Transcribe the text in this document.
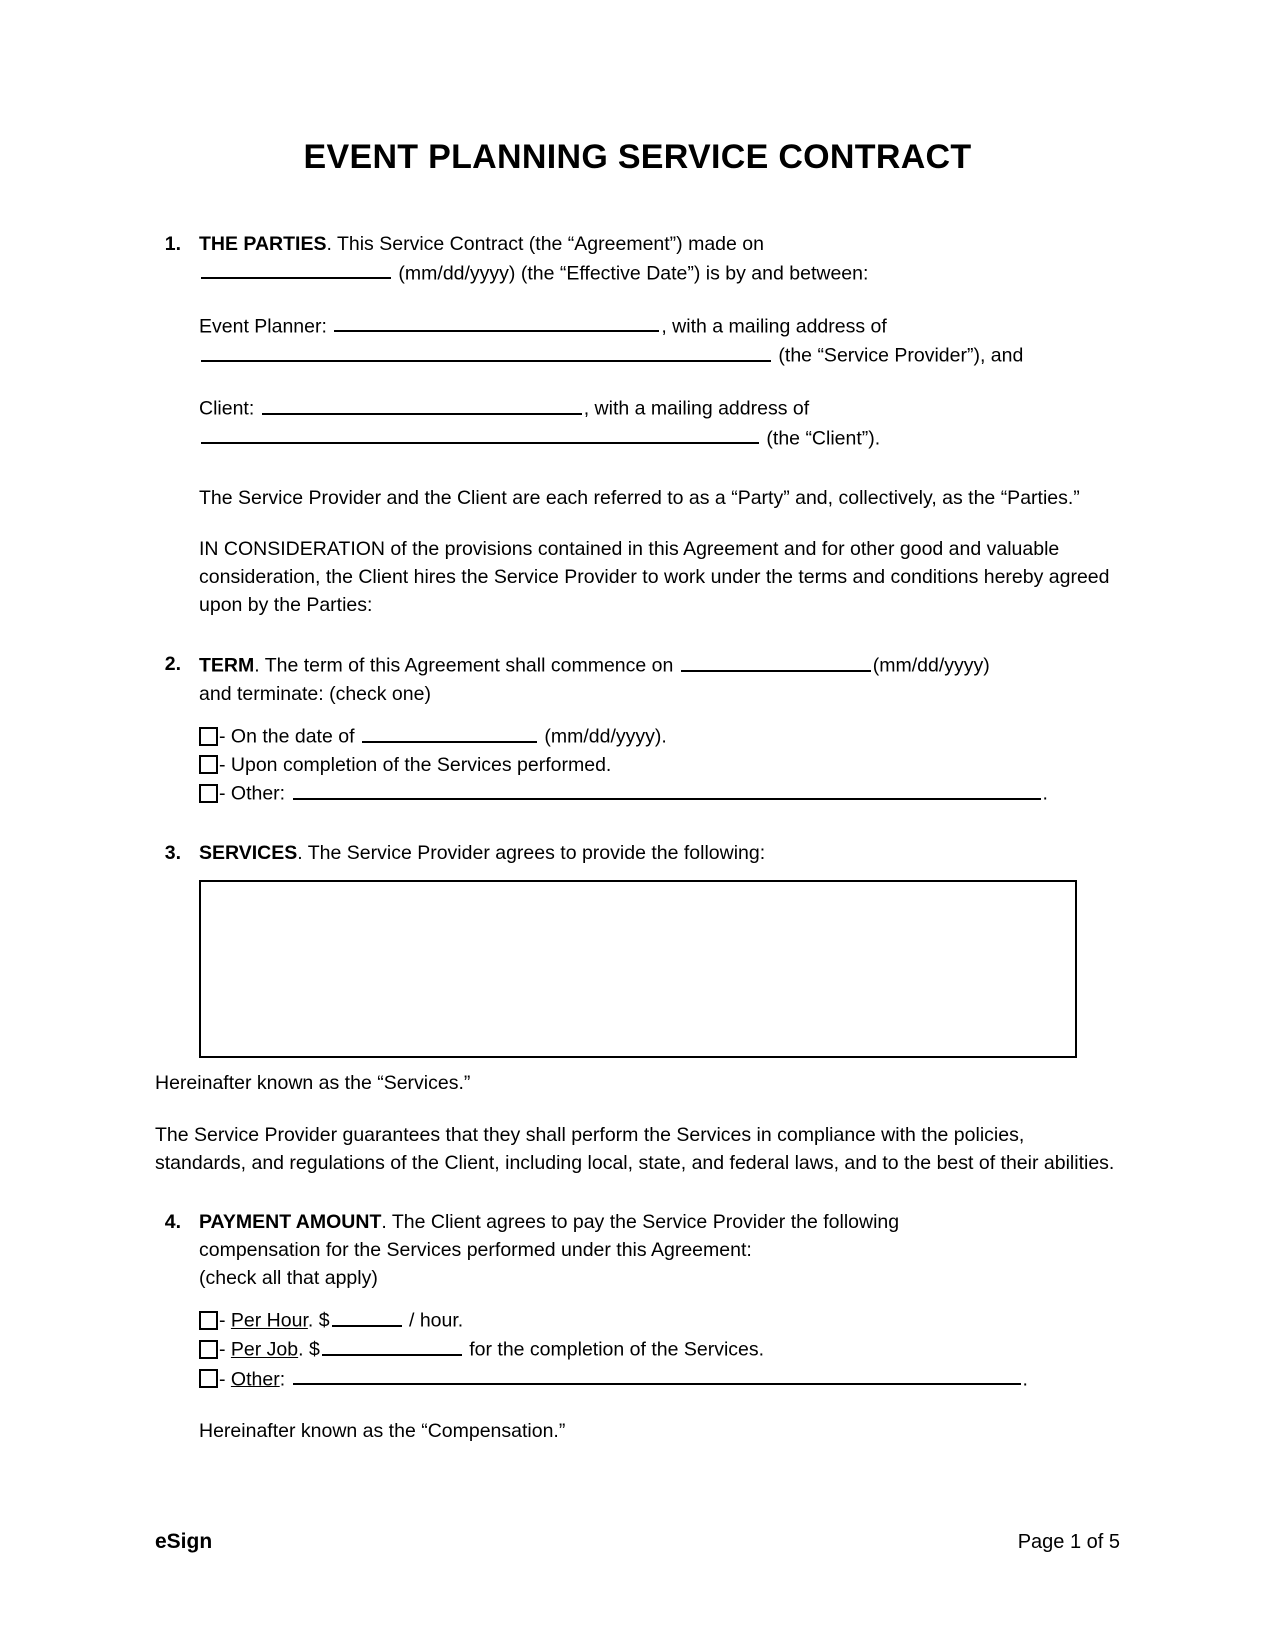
EVENT PLANNING SERVICE CONTRACT
1. THE PARTIES. This Service Contract (the “Agreement”) made on
(mm/dd/yyyy) (the “Effective Date”) is by and between:

Event Planner:	, with a mailing address of
(the “Service Provider”), and

Client:	, with a mailing address of
(the “Client”).

The Service Provider and the Client are each referred to as a “Party” and, collectively, as the “Parties.”

IN CONSIDERATION of the provisions contained in this Agreement and for other good and valuable consideration, the Client hires the Service Provider to work under the terms and conditions hereby agreed upon by the Parties:

2. TERM. The term of this Agreement shall commence on	(mm/dd/yyyy)
and terminate: (check one)

- On the date of	(mm/dd/yyyy).

- Upon completion of the Services performed.

- Other:	.

3. SERVICES. The Service Provider agrees to provide the following:

Hereinafter known as the “Services.”

The Service Provider guarantees that they shall perform the Services in compliance with the policies, standards, and regulations of the Client, including local, state, and federal laws, and to the best of their abilities.

4. PAYMENT AMOUNT. The Client agrees to pay the Service Provider the following
compensation for the Services performed under this Agreement:
(check all that apply)

- Per Hour. $	/ hour.

- Per Job. $	for the completion of the Services.

- Other:	.

Hereinafter known as the “Compensation.”

eSign	Page 1 of 5
